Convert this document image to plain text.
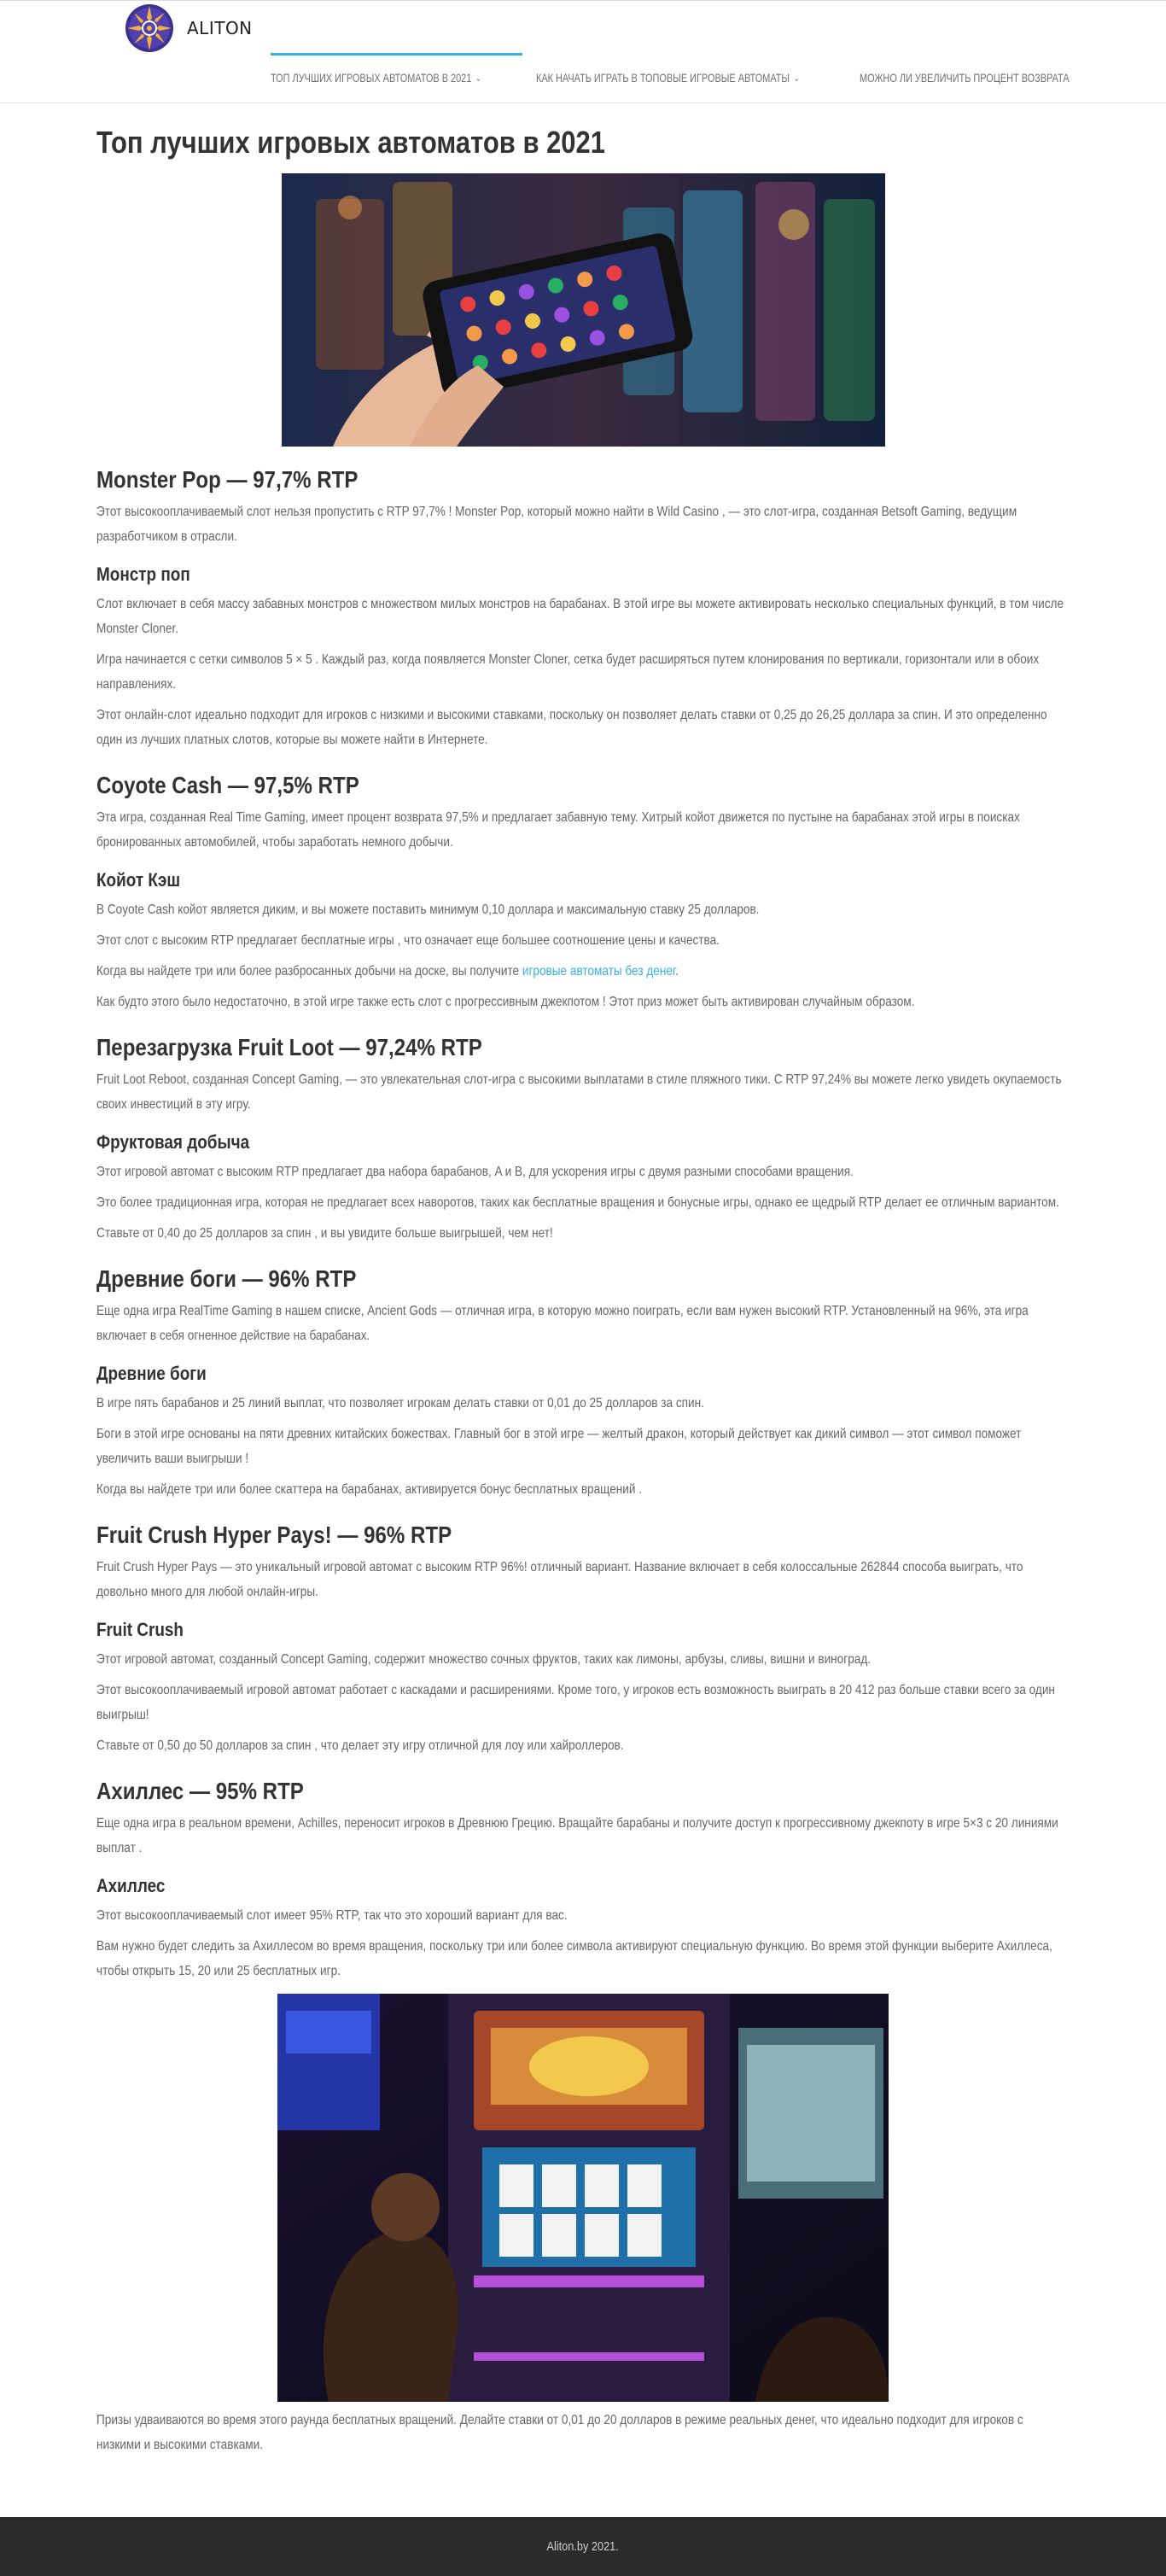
ALITON
ТОП ЛУЧШИХ ИГРОВЫХ АВТОМАТОВ В 2021 ⌄	КАК НАЧАТЬ ИГРАТЬ В ТОПОВЫЕ ИГРОВЫЕ АВТОМАТЫ ⌄	МОЖНО ЛИ УВЕЛИЧИТЬ ПРОЦЕНТ ВОЗВРАТА
Топ лучших игровых автоматов в 2021
Monster Pop — 97,7% RTP

Этот высокооплачиваемый слот нельзя пропустить с RTP 97,7% ! Monster Pop, который можно найти в Wild Casino , — это слот-игра, созданная Betsoft Gaming, ведущим разработчиком в отрасли.

Монстр поп

Слот включает в себя массу забавных монстров с множеством милых монстров на барабанах. В этой игре вы можете активировать несколько специальных функций, в том числе Monster Cloner.

Игра начинается с сетки символов 5 × 5 . Каждый раз, когда появляется Monster Cloner, сетка будет расширяться путем клонирования по вертикали, горизонтали или в обоих направлениях.

Этот онлайн-слот идеально подходит для игроков с низкими и высокими ставками, поскольку он позволяет делать ставки от 0,25 до 26,25 доллара за спин. И это определенно один из лучших платных слотов, которые вы можете найти в Интернете.

Coyote Cash — 97,5% RTP

Эта игра, созданная Real Time Gaming, имеет процент возврата 97,5% и предлагает забавную тему. Хитрый койот движется по пустыне на барабанах этой игры в поисках бронированных автомобилей, чтобы заработать немного добычи.

Койот Кэш

В Coyote Cash койот является диким, и вы можете поставить минимум 0,10 доллара и максимальную ставку 25 долларов.

Этот слот с высоким RTP предлагает бесплатные игры , что означает еще большее соотношение цены и качества.

Когда вы найдете три или более разбросанных добычи на доске, вы получите игровые автоматы без денег.

Как будто этого было недостаточно, в этой игре также есть слот с прогрессивным джекпотом ! Этот приз может быть активирован случайным образом.

Перезагрузка Fruit Loot — 97,24% RTP

Fruit Loot Reboot, созданная Concept Gaming, — это увлекательная слот-игра с высокими выплатами в стиле пляжного тики. С RTP 97,24% вы можете легко увидеть окупаемость своих инвестиций в эту игру.

Фруктовая добыча

Этот игровой автомат с высоким RTP предлагает два набора барабанов, A и B, для ускорения игры с двумя разными способами вращения.

Это более традиционная игра, которая не предлагает всех наворотов, таких как бесплатные вращения и бонусные игры, однако ее щедрый RTP делает ее отличным вариантом.

Ставьте от 0,40 до 25 долларов за спин , и вы увидите больше выигрышей, чем нет!

Древние боги — 96% RTP

Еще одна игра RealTime Gaming в нашем списке, Ancient Gods — отличная игра, в которую можно поиграть, если вам нужен высокий RTP. Установленный на 96%, эта игра включает в себя огненное действие на барабанах.

Древние боги

В игре пять барабанов и 25 линий выплат, что позволяет игрокам делать ставки от 0,01 до 25 долларов за спин.

Боги в этой игре основаны на пяти древних китайских божествах. Главный бог в этой игре — желтый дракон, который действует как дикий символ — этот символ поможет увеличить ваши выигрыши !

Когда вы найдете три или более скаттера на барабанах, активируется бонус бесплатных вращений .

Fruit Crush Hyper Pays! — 96% RTP

Fruit Crush Hyper Pays — это уникальный игровой автомат с высоким RTP 96%! отличный вариант. Название включает в себя колоссальные 262844 способа выиграть, что довольно много для любой онлайн-игры.

Fruit Crush

Этот игровой автомат, созданный Concept Gaming, содержит множество сочных фруктов, таких как лимоны, арбузы, сливы, вишни и виноград.

Этот высокооплачиваемый игровой автомат работает с каскадами и расширениями. Кроме того, у игроков есть возможность выиграть в 20 412 раз больше ставки всего за один выигрыш!

Ставьте от 0,50 до 50 долларов за спин , что делает эту игру отличной для лоу или хайроллеров.

Ахиллес — 95% RTP

Еще одна игра в реальном времени, Achilles, переносит игроков в Древнюю Грецию. Вращайте барабаны и получите доступ к прогрессивному джекпоту в игре 5×3 с 20 линиями выплат .

Ахиллес

Этот высокооплачиваемый слот имеет 95% RTP, так что это хороший вариант для вас.

Вам нужно будет следить за Ахиллесом во время вращения, поскольку три или более символа активируют специальную функцию. Во время этой функции выберите Ахиллеса, чтобы открыть 15, 20 или 25 бесплатных игр.

Призы удваиваются во время этого раунда бесплатных вращений. Делайте ставки от 0,01 до 20 долларов в режиме реальных денег, что идеально подходит для игроков с низкими и высокими ставками.

Aliton.by 2021.
